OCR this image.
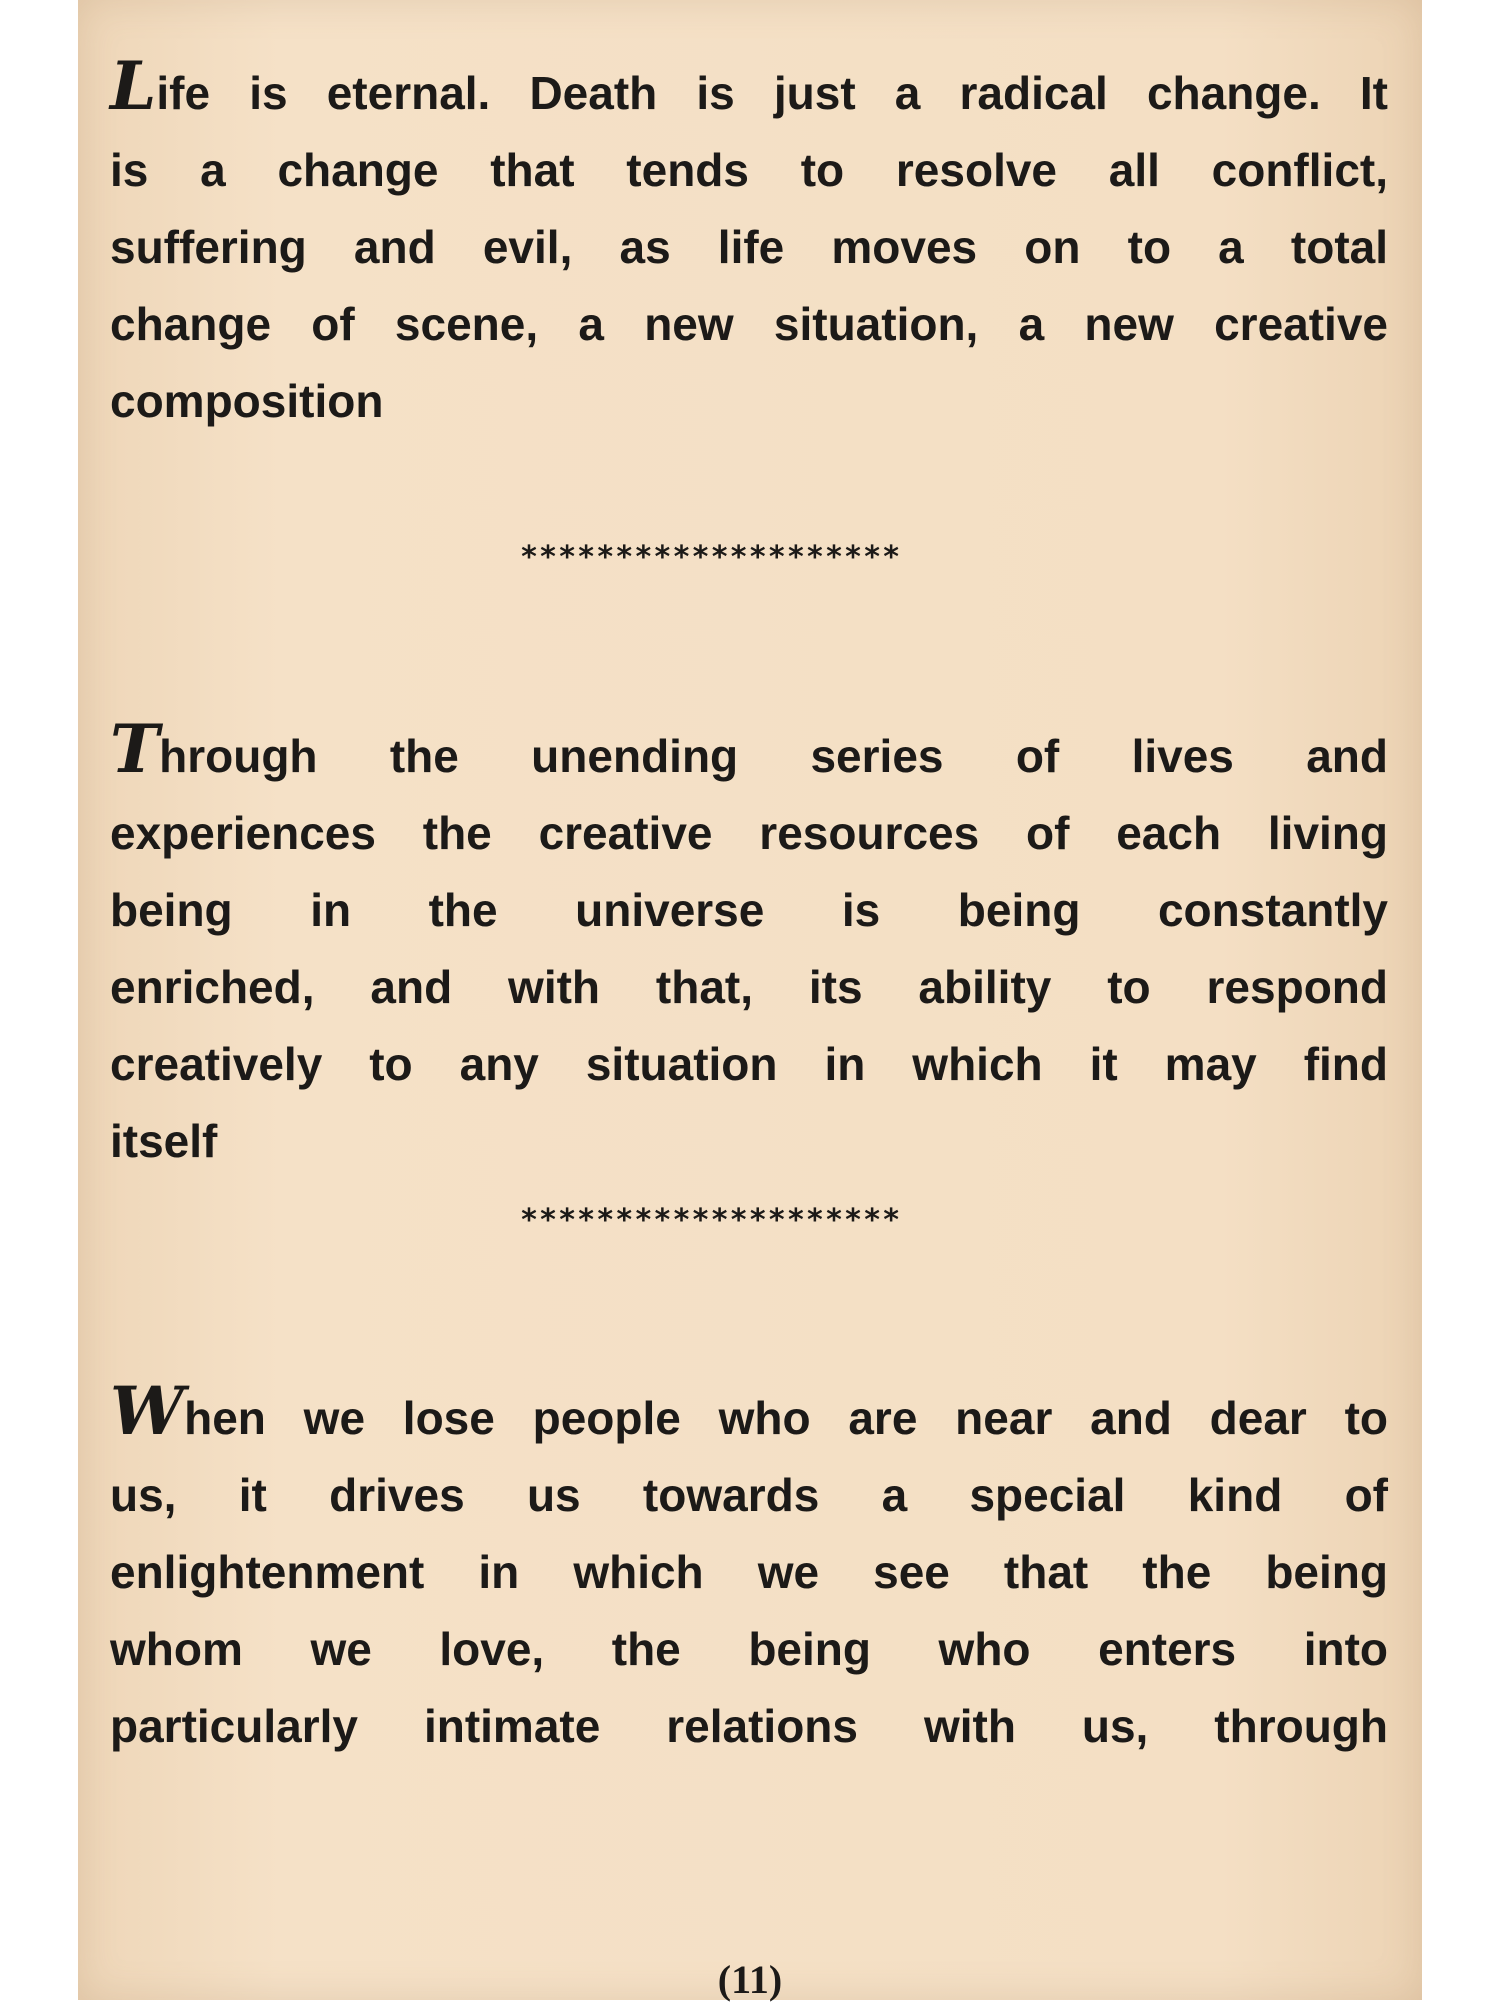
Life is eternal. Death is just a radical change. It
is a change that tends to resolve all conflict,
suffering and evil, as life moves on to a total
change of scene, a new situation, a new creative
composition
********************
Through the unending series of lives and
experiences the creative resources of each living
being in the universe is being constantly
enriched, and with that, its ability to respond
creatively to any situation in which it may find
itself
********************
When we lose people who are near and dear to
us, it drives us towards a special kind of
enlightenment in which we see that the being
whom we love, the being who enters into
particularly intimate relations with us, through
(11)
